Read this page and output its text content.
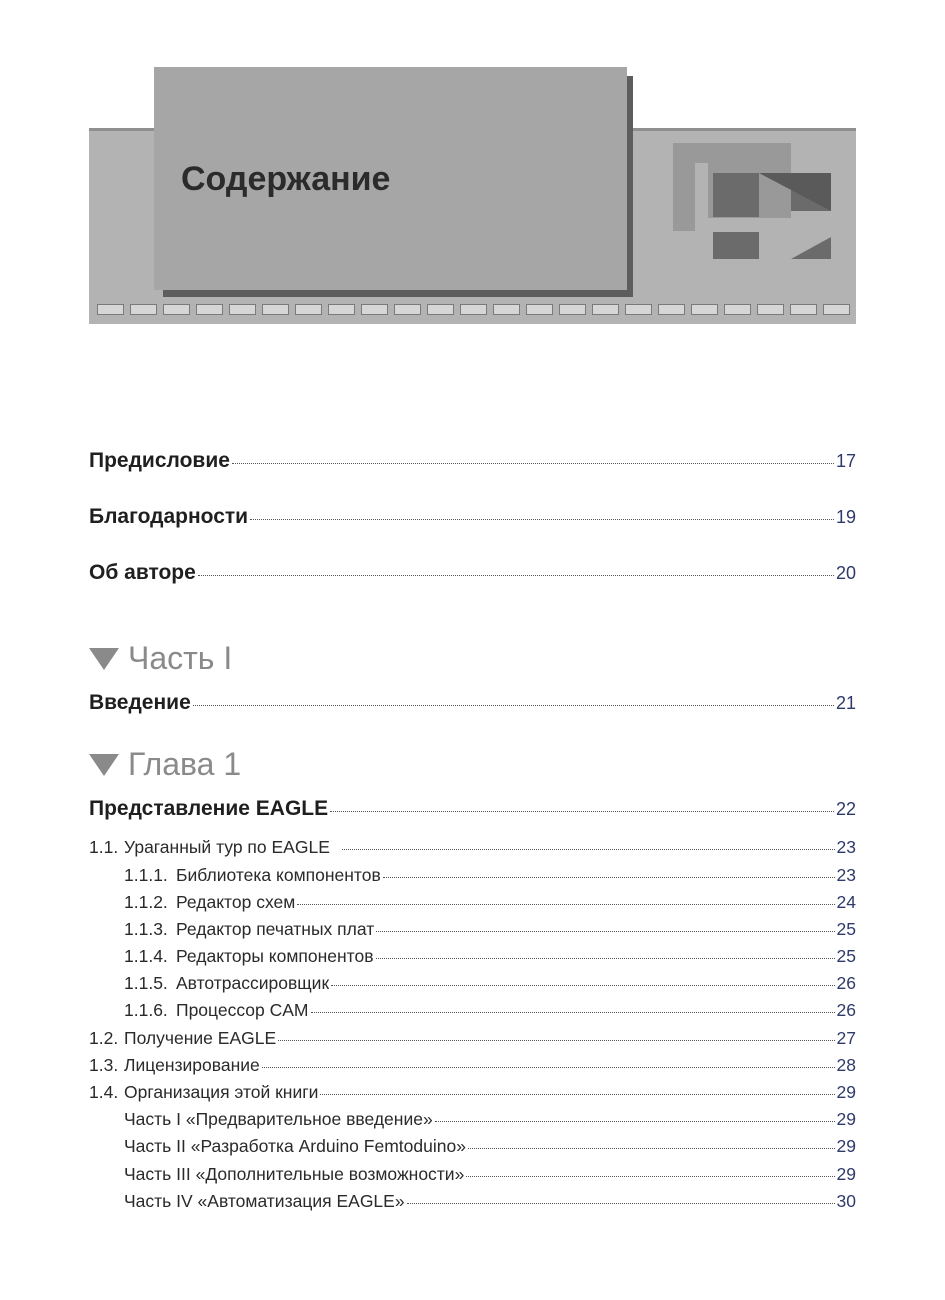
Содержание
Предисловие	17
Благодарности	19
Об авторе	20
Часть I
Введение	21
Глава 1
Представление EAGLE	22
1.1. Ураганный тур по EAGLE	23
1.1.1. Библиотека компонентов	23
1.1.2. Редактор схем	24
1.1.3. Редактор печатных плат	25
1.1.4. Редакторы компонентов	25
1.1.5. Автотрассировщик	26
1.1.6. Процессор CAM	26
1.2. Получение EAGLE	27
1.3. Лицензирование	28
1.4. Организация этой книги	29
Часть I «Предварительное введение»	29
Часть II «Разработка Arduino Femtoduino»	29
Часть III «Дополнительные возможности»	29
Часть IV «Автоматизация EAGLE»	30
